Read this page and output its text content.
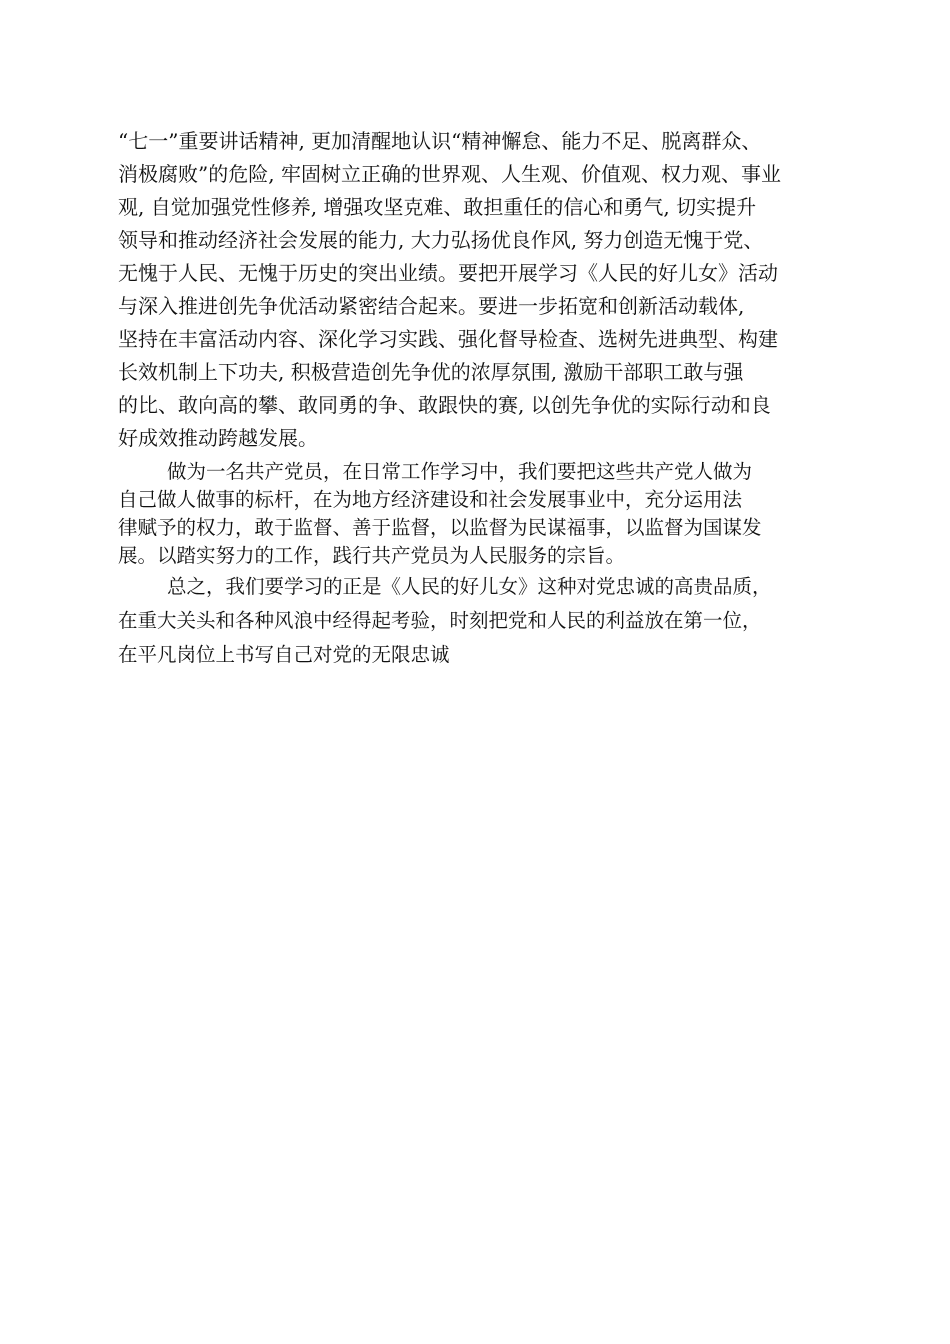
“七一”重要讲话精神, 更加清醒地认识“精神懈怠、能力不足、脱离群众、
消极腐败”的危险, 牢固树立正确的世界观、人生观、价值观、权力观、事业
观, 自觉加强党性修养, 增强攻坚克难、敢担重任的信心和勇气, 切实提升
领导和推动经济社会发展的能力, 大力弘扬优良作风, 努力创造无愧于党、
无愧于人民、无愧于历史的突出业绩。要把开展学习《人民的好儿女》活动
与深入推进创先争优活动紧密结合起来。要进一步拓宽和创新活动载体,
坚持在丰富活动内容、深化学习实践、强化督导检查、选树先进典型、构建
长效机制上下功夫, 积极营造创先争优的浓厚氛围, 激励干部职工敢与强
的比、敢向高的攀、敢同勇的争、敢跟快的赛, 以创先争优的实际行动和良
好成效推动跨越发展。
做为一名共产党员，在日常工作学习中，我们要把这些共产党人做为
自己做人做事的标杆，在为地方经济建设和社会发展事业中，充分运用法
律赋予的权力，敢于监督、善于监督，以监督为民谋福事，以监督为国谋发
展。以踏实努力的工作，践行共产党员为人民服务的宗旨。
总之，我们要学习的正是《人民的好儿女》这种对党忠诚的高贵品质，
在重大关头和各种风浪中经得起考验，时刻把党和人民的利益放在第一位，
在平凡岗位上书写自己对党的无限忠诚
